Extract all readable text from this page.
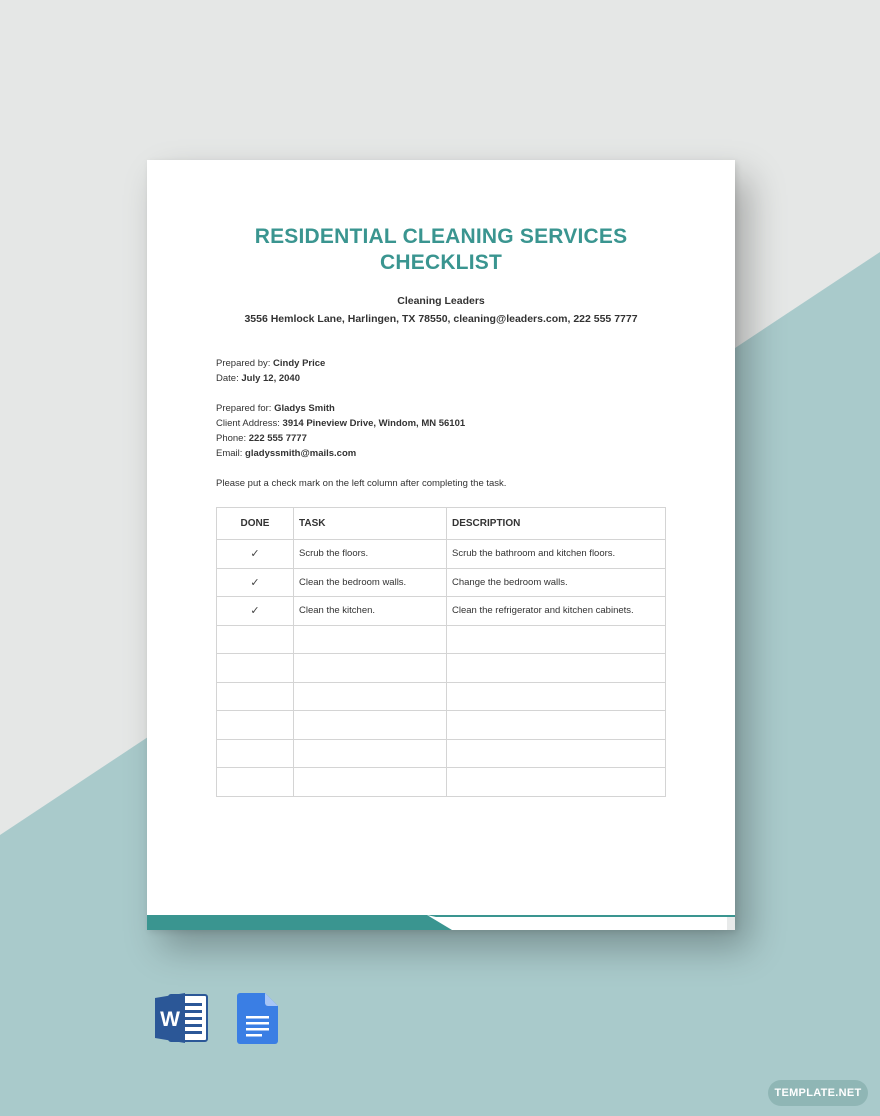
RESIDENTIAL CLEANING SERVICES
CHECKLIST
Cleaning Leaders
3556 Hemlock Lane, Harlingen, TX 78550, cleaning@leaders.com, 222 555 7777
Prepared by: Cindy Price
Date: July 12, 2040
Prepared for: Gladys Smith
Client Address: 3914 Pineview Drive, Windom, MN 56101
Phone: 222 555 7777
Email: gladyssmith@mails.com
Please put a check mark on the left column after completing the task.
DONE	TASK	DESCRIPTION
✓	Scrub the floors.	Scrub the bathroom and kitchen floors.
✓	Clean the bedroom walls.	Change the bedroom walls.
✓	Clean the kitchen.	Clean the refrigerator and kitchen cabinets.

W
TEMPLATE.NET
